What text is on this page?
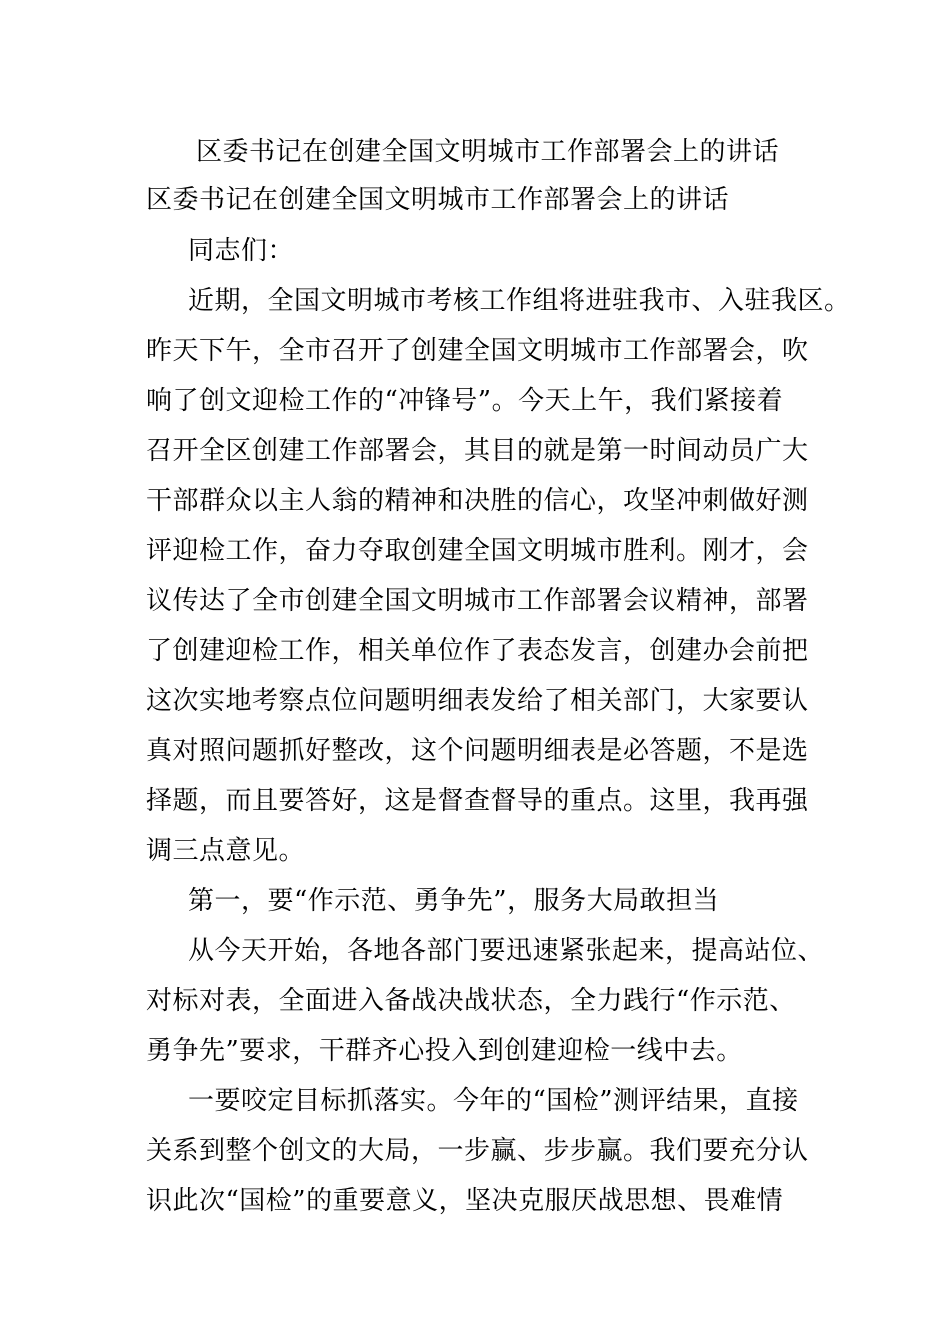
区委书记在创建全国文明城市工作部署会上的讲话
区委书记在创建全国文明城市工作部署会上的讲话
同志们：
近期，全国文明城市考核工作组将进驻我市、入驻我区。
昨天下午，全市召开了创建全国文明城市工作部署会，吹
响了创文迎检工作的“冲锋号”。今天上午，我们紧接着
召开全区创建工作部署会，其目的就是第一时间动员广大
干部群众以主人翁的精神和决胜的信心，攻坚冲刺做好测
评迎检工作，奋力夺取创建全国文明城市胜利。刚才，会
议传达了全市创建全国文明城市工作部署会议精神，部署
了创建迎检工作，相关单位作了表态发言，创建办会前把
这次实地考察点位问题明细表发给了相关部门，大家要认
真对照问题抓好整改，这个问题明细表是必答题，不是选
择题，而且要答好，这是督查督导的重点。这里，我再强
调三点意见。
第一，要“作示范、勇争先”，服务大局敢担当
从今天开始，各地各部门要迅速紧张起来，提高站位、
对标对表，全面进入备战决战状态，全力践行“作示范、
勇争先”要求，干群齐心投入到创建迎检一线中去。
一要咬定目标抓落实。今年的“国检”测评结果，直接
关系到整个创文的大局，一步赢、步步赢。我们要充分认
识此次“国检”的重要意义，坚决克服厌战思想、畏难情
